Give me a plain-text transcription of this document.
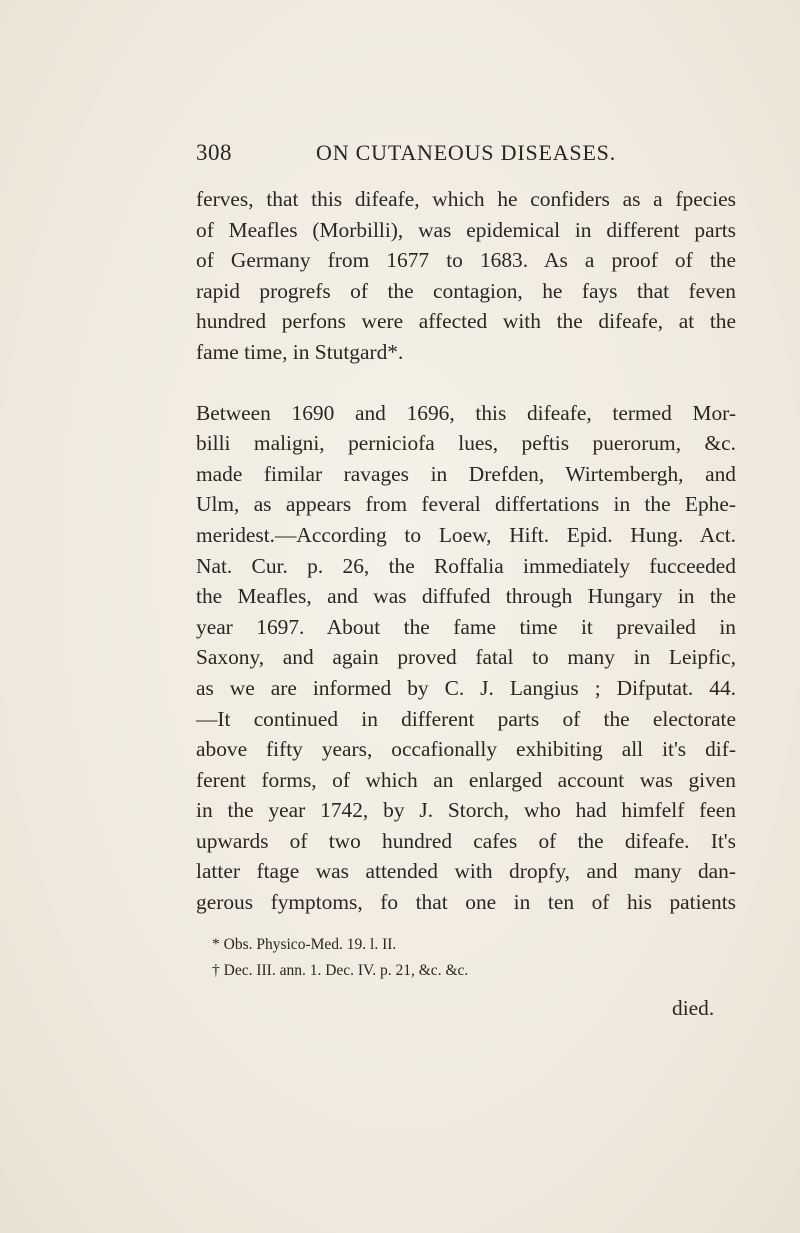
308	ON CUTANEOUS DISEASES.
ferves, that this difeafe, which he confiders as a fpecies
of Meafles (Morbilli), was epidemical in different parts
of Germany from 1677 to 1683. As a proof of the
rapid progrefs of the contagion, he fays that feven
hundred perfons were affected with the difeafe, at the
fame time, in Stutgard*.
Between 1690 and 1696, this difeafe, termed Mor-
billi maligni, perniciofa lues, peftis puerorum, &c.
made fimilar ravages in Drefden, Wirtembergh, and
Ulm, as appears from feveral differtations in the Ephe-
meridest.—According to Loew, Hift. Epid. Hung. Act.
Nat. Cur. p. 26, the Roffalia immediately fucceeded
the Meafles, and was diffufed through Hungary in the
year 1697. About the fame time it prevailed in
Saxony, and again proved fatal to many in Leipfic,
as we are informed by C. J. Langius ; Difputat. 44.
—It continued in different parts of the electorate
above fifty years, occafionally exhibiting all it's dif-
ferent forms, of which an enlarged account was given
in the year 1742, by J. Storch, who had himfelf feen
upwards of two hundred cafes of the difeafe. It's
latter ftage was attended with dropfy, and many dan-
gerous fymptoms, fo that one in ten of his patients
* Obs. Physico-Med. 19. l. II.
† Dec. III. ann. 1. Dec. IV. p. 21, &c. &c.
died.
